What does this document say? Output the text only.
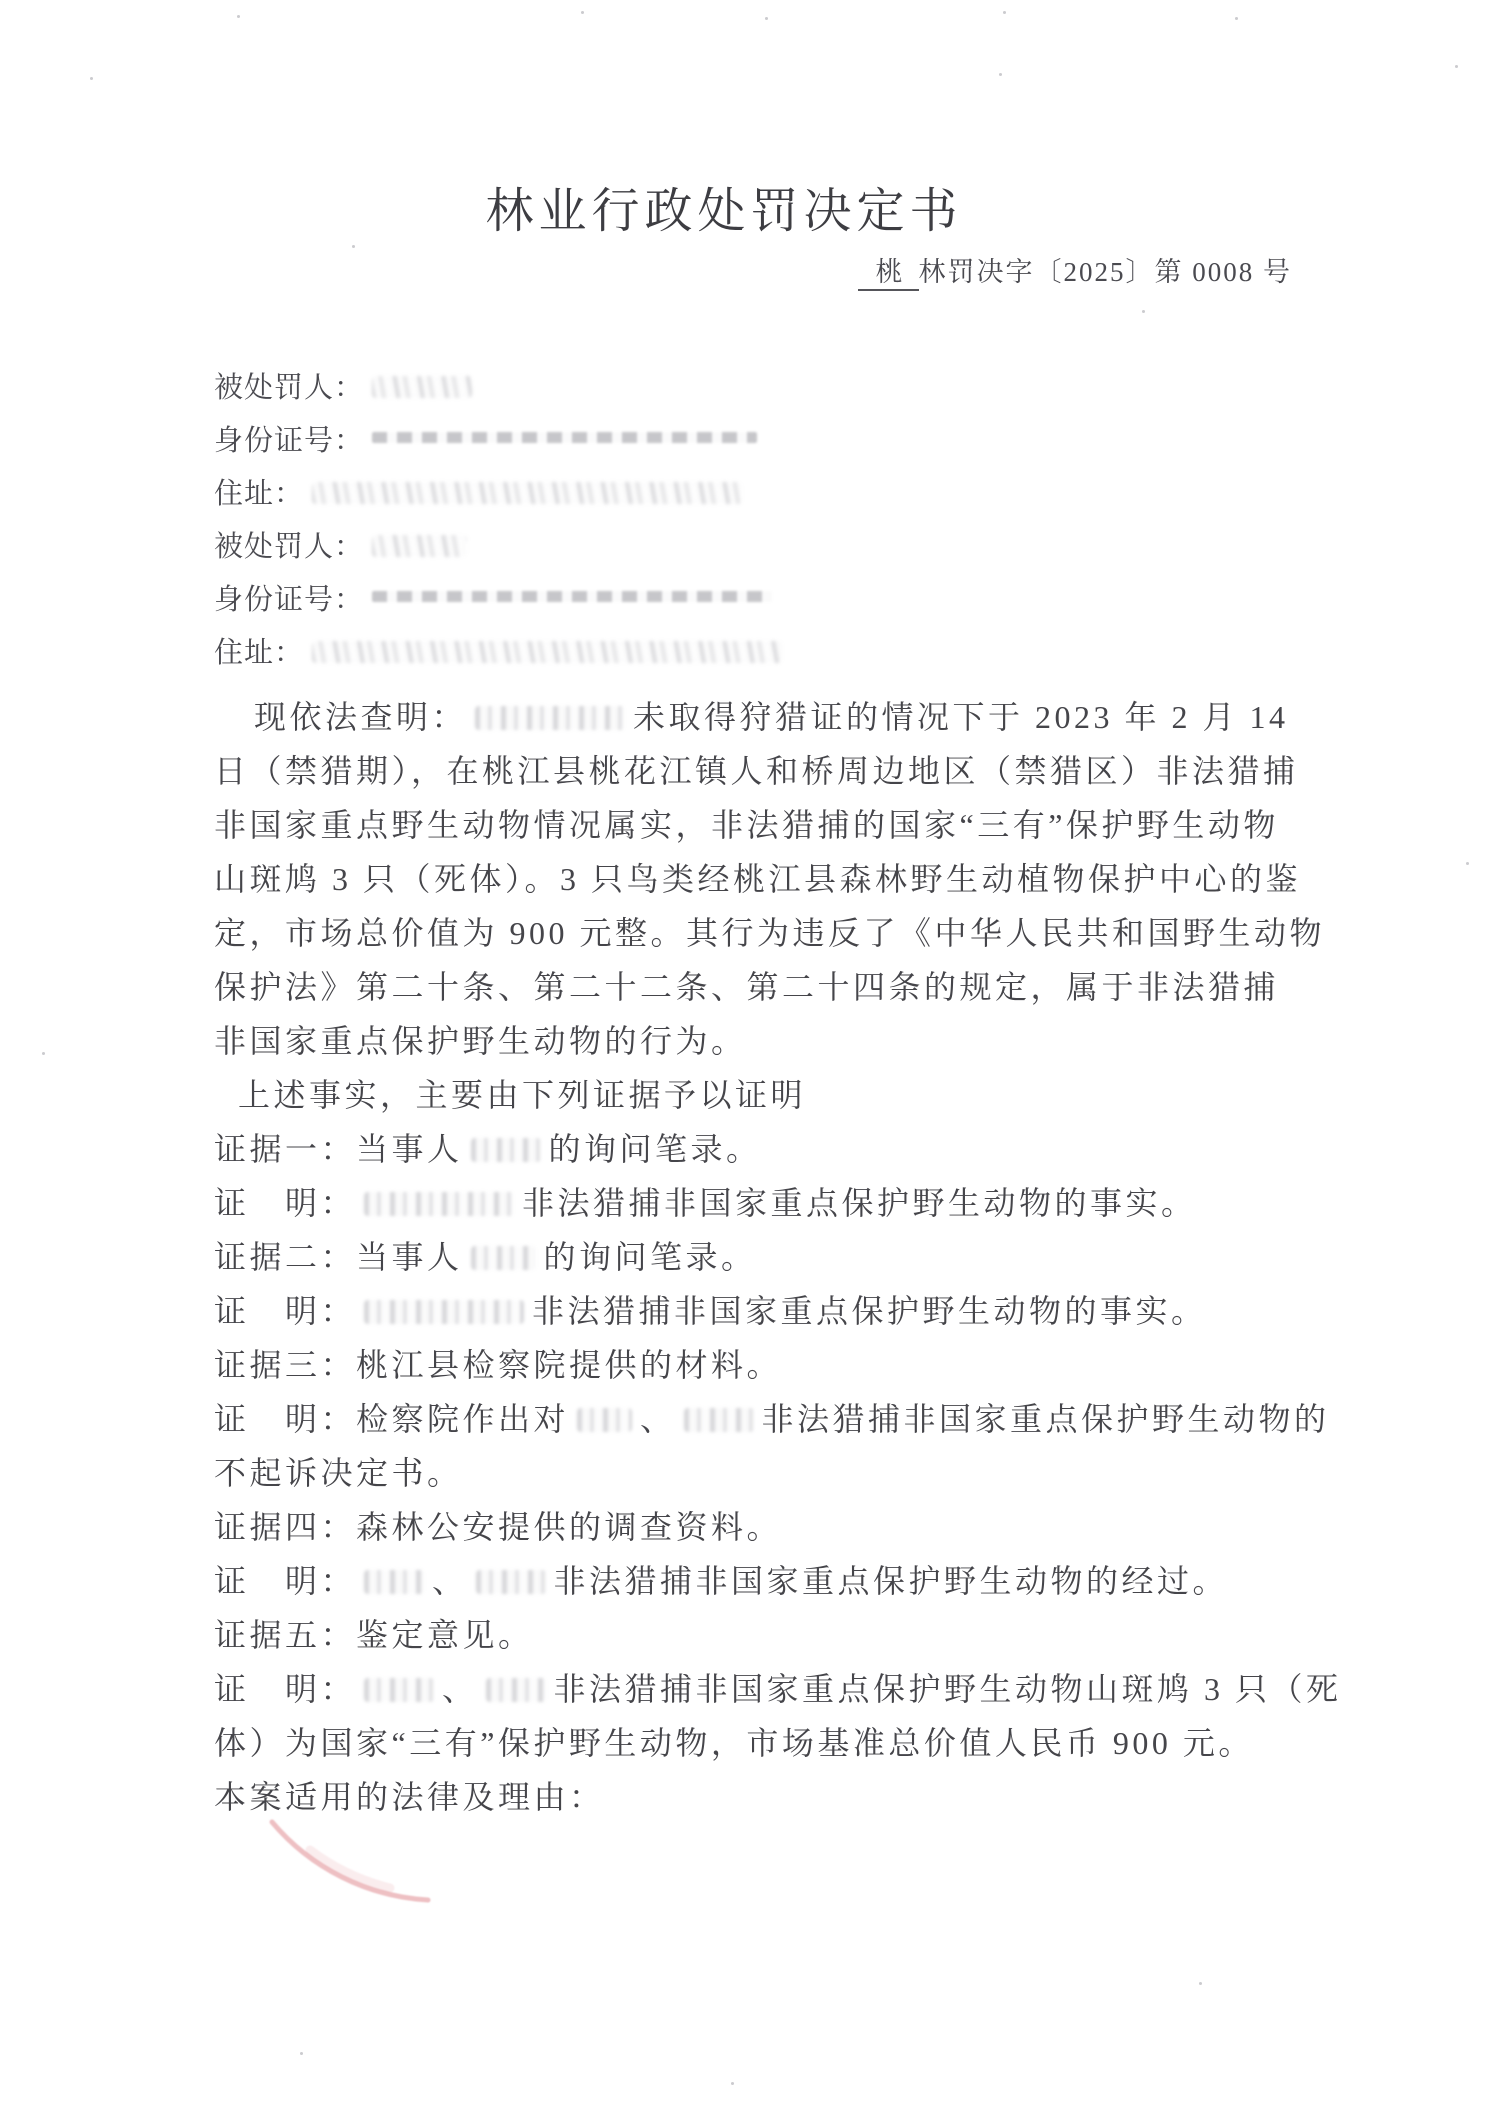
林业行政处罚决定书
桃 林罚决字〔2025〕第 0008 号
被处罚人：
身份证号：
住址：
被处罚人：
身份证号：
住址：
现依法查明：	未取得狩猎证的情况下于 2023 年 2 月 14
日（禁猎期），在桃江县桃花江镇人和桥周边地区（禁猎区）非法猎捕
非国家重点野生动物情况属实，非法猎捕的国家“三有”保护野生动物
山斑鸠 3 只（死体）。3 只鸟类经桃江县森林野生动植物保护中心的鉴
定，市场总价值为 900 元整。其行为违反了《中华人民共和国野生动物
保护法》第二十条、第二十二条、第二十四条的规定，属于非法猎捕
非国家重点保护野生动物的行为。
上述事实，主要由下列证据予以证明
证据一：当事人	的询问笔录。
证　明：	非法猎捕非国家重点保护野生动物的事实。
证据二：当事人	的询问笔录。
证　明：	非法猎捕非国家重点保护野生动物的事实。
证据三：桃江县检察院提供的材料。
证　明：检察院作出对 、	非法猎捕非国家重点保护野生动物的
不起诉决定书。
证据四：森林公安提供的调查资料。
证　明： 、	非法猎捕非国家重点保护野生动物的经过。
证据五：鉴定意见。
证　明：	、 非法猎捕非国家重点保护野生动物山斑鸠 3 只（死
体）为国家“三有”保护野生动物，市场基准总价值人民币 900 元。
本案适用的法律及理由：
